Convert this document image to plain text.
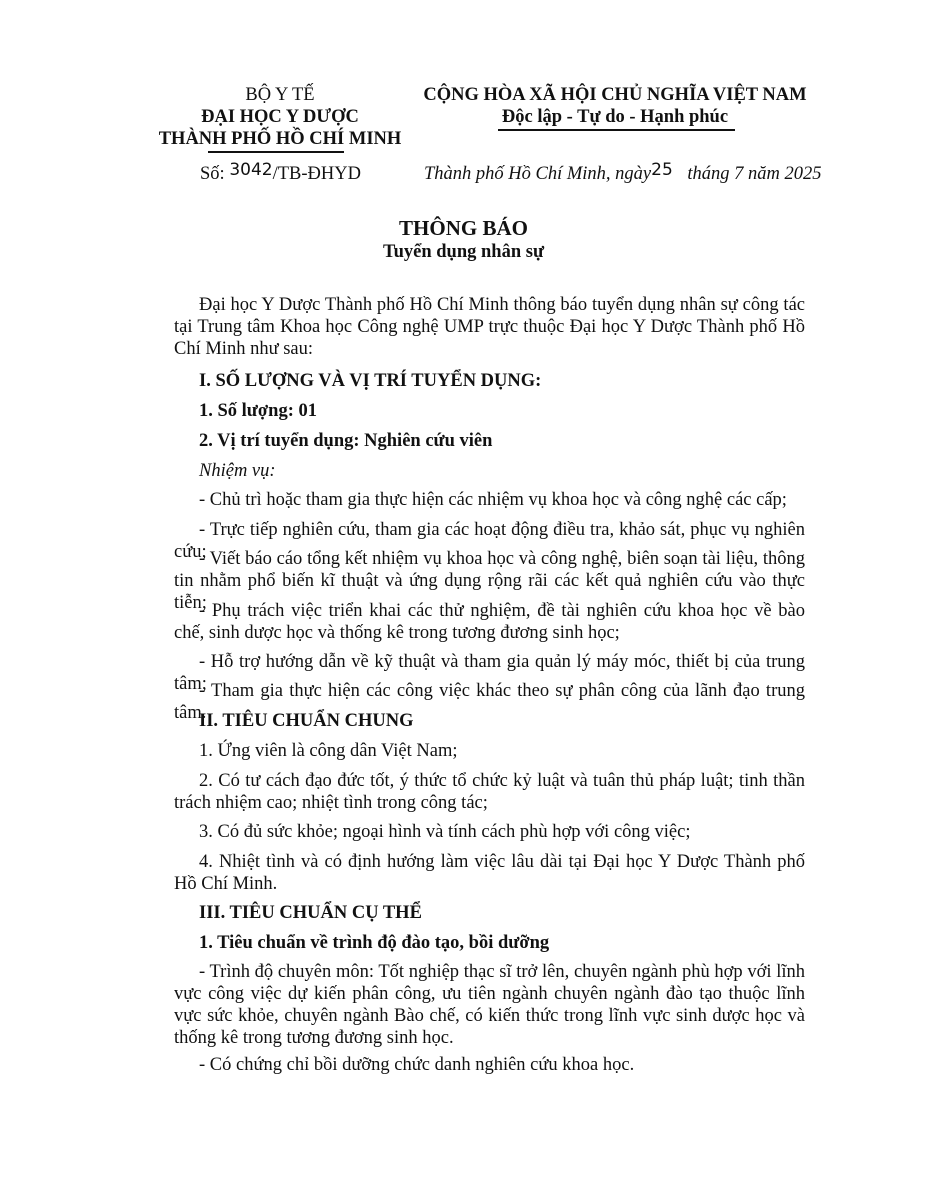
BỘ Y TẾ
ĐẠI HỌC Y DƯỢC
THÀNH PHỐ HỒ CHÍ MINH
CỘNG HÒA XÃ HỘI CHỦ NGHĨA VIỆT NAM
Độc lập - Tự do - Hạnh phúc
Số: 3042/TB-ĐHYD	Thành phố Hồ Chí Minh, ngày25 tháng 7 năm 2025
THÔNG BÁO
Tuyển dụng nhân sự
Đại học Y Dược Thành phố Hồ Chí Minh thông báo tuyển dụng nhân sự công tác tại Trung tâm Khoa học Công nghệ UMP trực thuộc Đại học Y Dược Thành phố Hồ Chí Minh như sau:
I. SỐ LƯỢNG VÀ VỊ TRÍ TUYỂN DỤNG:
1. Số lượng: 01
2. Vị trí tuyển dụng: Nghiên cứu viên
Nhiệm vụ:
- Chủ trì hoặc tham gia thực hiện các nhiệm vụ khoa học và công nghệ các cấp;
- Trực tiếp nghiên cứu, tham gia các hoạt động điều tra, khảo sát, phục vụ nghiên cứu;
- Viết báo cáo tổng kết nhiệm vụ khoa học và công nghệ, biên soạn tài liệu, thông tin nhằm phổ biến kĩ thuật và ứng dụng rộng rãi các kết quả nghiên cứu vào thực tiễn;
- Phụ trách việc triển khai các thử nghiệm, đề tài nghiên cứu khoa học về bào chế, sinh dược học và thống kê trong tương đương sinh học;
- Hỗ trợ hướng dẫn về kỹ thuật và tham gia quản lý máy móc, thiết bị của trung tâm;
- Tham gia thực hiện các công việc khác theo sự phân công của lãnh đạo trung tâm.
II. TIÊU CHUẨN CHUNG
1. Ứng viên là công dân Việt Nam;
2. Có tư cách đạo đức tốt, ý thức tổ chức kỷ luật và tuân thủ pháp luật; tinh thần trách nhiệm cao; nhiệt tình trong công tác;
3. Có đủ sức khỏe; ngoại hình và tính cách phù hợp với công việc;
4. Nhiệt tình và có định hướng làm việc lâu dài tại Đại học Y Dược Thành phố Hồ Chí Minh.
III. TIÊU CHUẨN CỤ THỂ
1. Tiêu chuẩn về trình độ đào tạo, bồi dưỡng
- Trình độ chuyên môn: Tốt nghiệp thạc sĩ trở lên, chuyên ngành phù hợp với lĩnh vực công việc dự kiến phân công, ưu tiên ngành chuyên ngành đào tạo thuộc lĩnh vực sức khỏe, chuyên ngành Bào chế, có kiến thức trong lĩnh vực sinh dược học và thống kê trong tương đương sinh học.
- Có chứng chỉ bồi dưỡng chức danh nghiên cứu khoa học.
